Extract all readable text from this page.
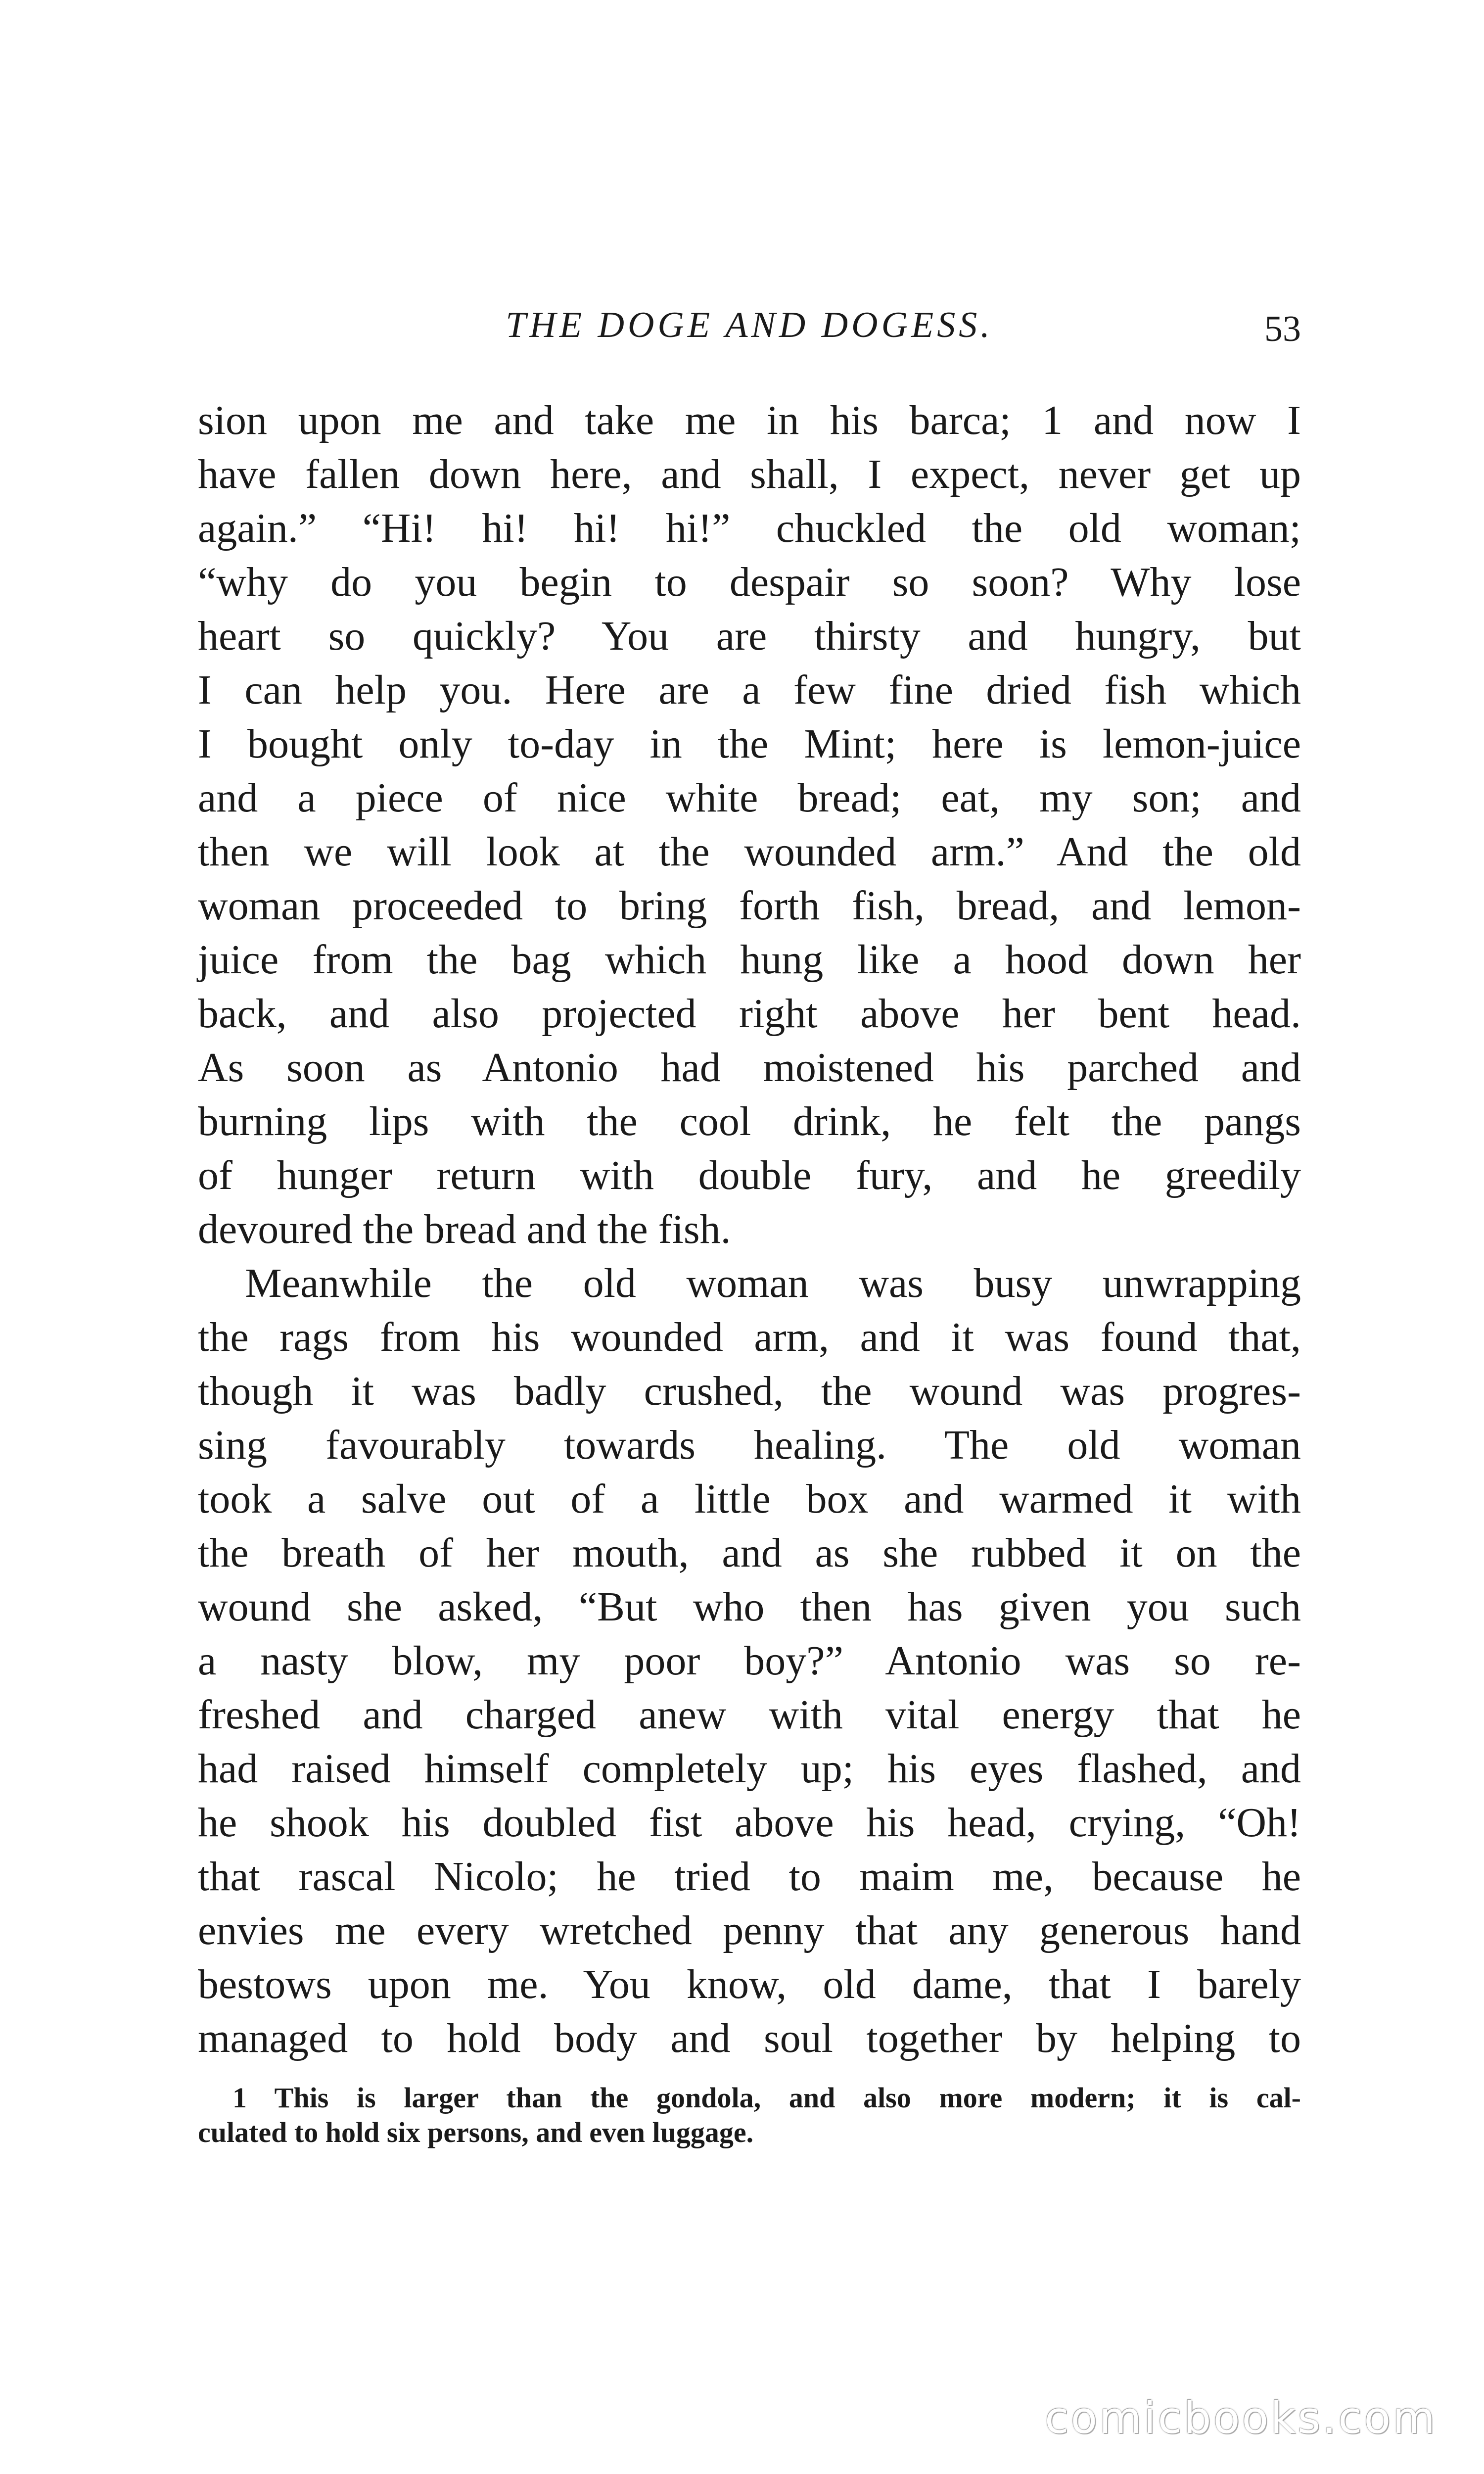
THE DOGE AND DOGESS.	53
sion upon me and take me in his barca; 1 and now I
have fallen down here, and shall, I expect, never get up
again.” “Hi! hi! hi! hi!” chuckled the old woman;
“why do you begin to despair so soon? Why lose
heart so quickly? You are thirsty and hungry, but
I can help you. Here are a few fine dried fish which
I bought only to-day in the Mint; here is lemon-juice
and a piece of nice white bread; eat, my son; and
then we will look at the wounded arm.” And the old
woman proceeded to bring forth fish, bread, and lemon-
juice from the bag which hung like a hood down her
back, and also projected right above her bent head.
As soon as Antonio had moistened his parched and
burning lips with the cool drink, he felt the pangs
of hunger return with double fury, and he greedily
devoured the bread and the fish.
Meanwhile the old woman was busy unwrapping
the rags from his wounded arm, and it was found that,
though it was badly crushed, the wound was progres-
sing favourably towards healing. The old woman
took a salve out of a little box and warmed it with
the breath of her mouth, and as she rubbed it on the
wound she asked, “But who then has given you such
a nasty blow, my poor boy?” Antonio was so re-
freshed and charged anew with vital energy that he
had raised himself completely up; his eyes flashed, and
he shook his doubled fist above his head, crying, “Oh!
that rascal Nicolo; he tried to maim me, because he
envies me every wretched penny that any generous hand
bestows upon me. You know, old dame, that I barely
managed to hold body and soul together by helping to
1 This is larger than the gondola, and also more modern; it is cal-
culated to hold six persons, and even luggage.
comicbooks.com
